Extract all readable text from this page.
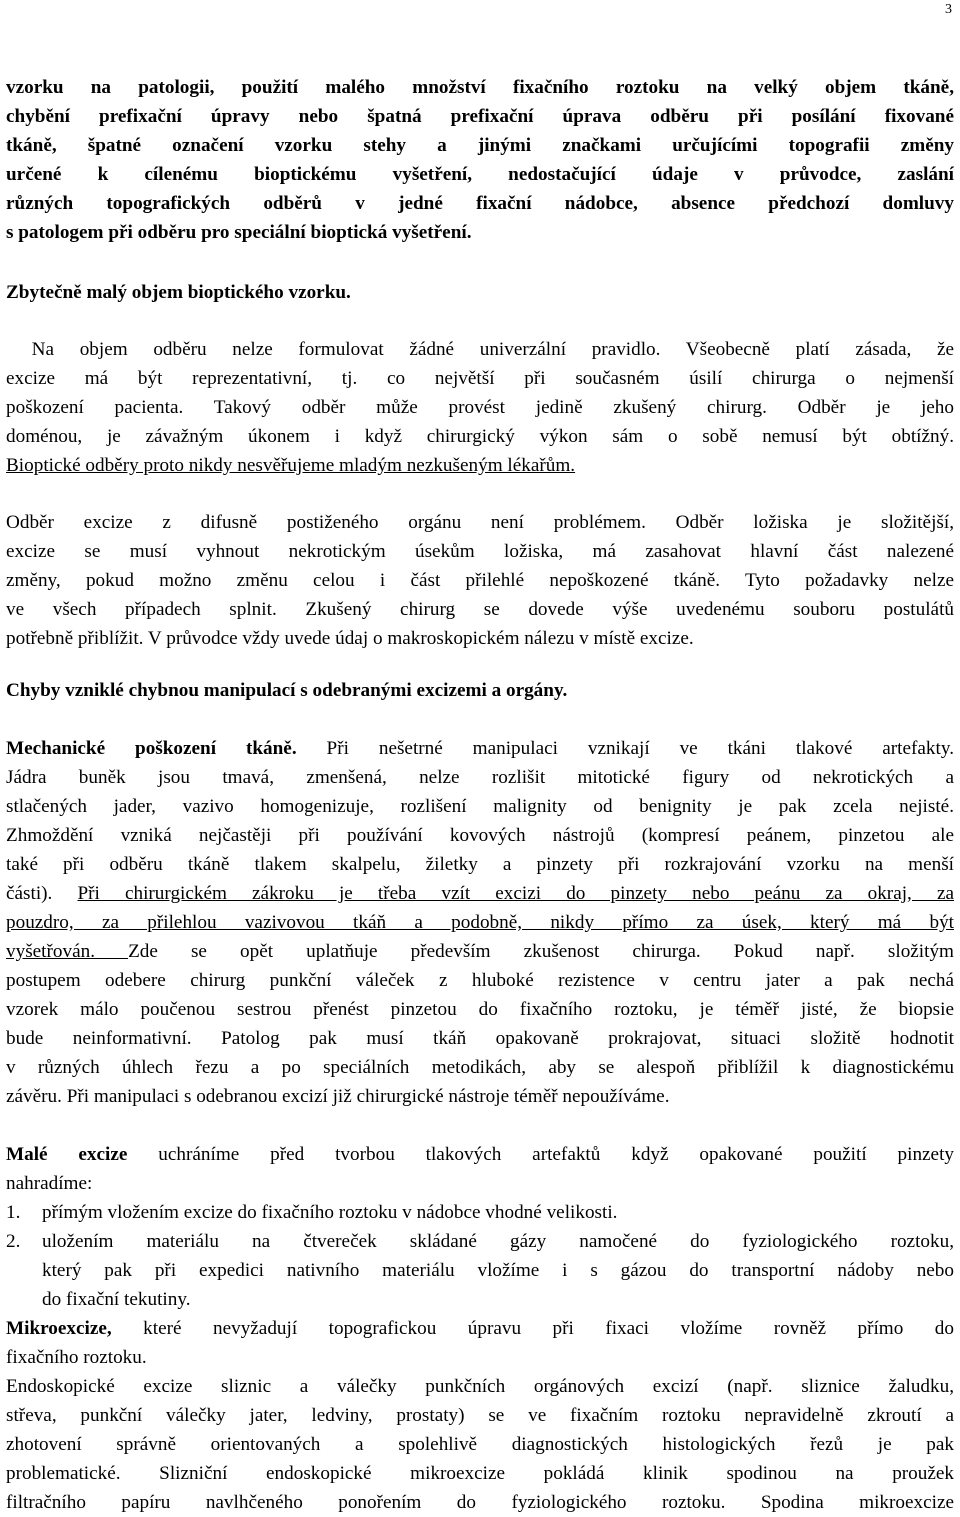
3
vzorku na patologii, použití malého množství fixačního roztoku na velký objem tkáně,
chybění prefixační úpravy nebo špatná prefixační úprava odběru při posílání fixované
tkáně, špatné označení vzorku stehy a jinými značkami určujícími topografii změny
určené k cílenému bioptickému vyšetření, nedostačující údaje v průvodce, zaslání
různých topografických odběrů v jedné fixační nádobce, absence předchozí domluvy
s patologem při odběru pro speciální bioptická vyšetření.
Zbytečně malý objem bioptického vzorku.
Na objem odběru nelze formulovat žádné univerzální pravidlo. Všeobecně platí zásada, že
excize má být reprezentativní, tj. co největší při současném úsilí chirurga o nejmenší
poškození pacienta. Takový odběr může provést jedině zkušený chirurg. Odběr je jeho
doménou, je závažným úkonem i když chirurgický výkon sám o sobě nemusí být obtížný.
Bioptické odběry proto nikdy nesvěřujeme mladým nezkušeným lékařům.
Odběr excize z difusně postiženého orgánu není problémem. Odběr ložiska je složitější,
excize se musí vyhnout nekrotickým úsekům ložiska, má zasahovat hlavní část nalezené
změny, pokud možno změnu celou i část přilehlé nepoškozené tkáně. Tyto požadavky nelze
ve všech případech splnit. Zkušený chirurg se dovede výše uvedenému souboru postulátů
potřebně přiblížit. V průvodce vždy uvede údaj o makroskopickém nálezu v místě excize.
Chyby vzniklé chybnou manipulací s odebranými excizemi a orgány.
Mechanické poškození tkáně. Při nešetrné manipulaci vznikají ve tkáni tlakové artefakty.
Jádra buněk jsou tmavá, zmenšená, nelze rozlišit mitotické figury od nekrotických a
stlačených jader, vazivo homogenizuje, rozlišení malignity od benignity je pak zcela nejisté.
Zhmoždění vzniká nejčastěji při používání kovových nástrojů (kompresí peánem, pinzetou ale
také při odběru tkáně tlakem skalpelu, žiletky a pinzety při rozkrajování vzorku na menší
části). Při chirurgickém zákroku je třeba vzít excizi do pinzety nebo peánu za okraj, za
pouzdro, za přilehlou vazivovou tkáň a podobně, nikdy přímo za úsek, který má být
vyšetřován. Zde se opět uplatňuje především zkušenost chirurga. Pokud např. složitým
postupem odebere chirurg punkční váleček z hluboké rezistence v centru jater a pak nechá
vzorek málo poučenou sestrou přenést pinzetou do fixačního roztoku, je téměř jisté, že biopsie
bude neinformativní. Patolog pak musí tkáň opakovaně prokrajovat, situaci složitě hodnotit
v různých úhlech řezu a po speciálních metodikách, aby se alespoň přiblížil k diagnostickému
závěru. Při manipulaci s odebranou excizí již chirurgické nástroje téměř nepoužíváme.
Malé excize uchráníme před tvorbou tlakových artefaktů když opakované použití pinzety
nahradíme:
1. přímým vložením excize do fixačního roztoku v nádobce vhodné velikosti.
2.	uložením materiálu na čtvereček skládané gázy namočené do fyziologického roztoku,
který pak při expedici nativního materiálu vložíme i s gázou do transportní nádoby nebo
do fixační tekutiny.
Mikroexcize, které nevyžadují topografickou úpravu při fixaci vložíme rovněž přímo do
fixačního roztoku.
Endoskopické excize sliznic a válečky punkčních orgánových excizí (např. sliznice žaludku,
střeva, punkční válečky jater, ledviny, prostaty) se ve fixačním roztoku nepravidelně zkroutí a
zhotovení správně orientovaných a spolehlivě diagnostických histologických řezů je pak
problematické. Slizniční endoskopické mikroexcize pokládá klinik spodinou na proužek
filtračního papíru navlhčeného ponořením do fyziologického roztoku. Spodina mikroexcize
